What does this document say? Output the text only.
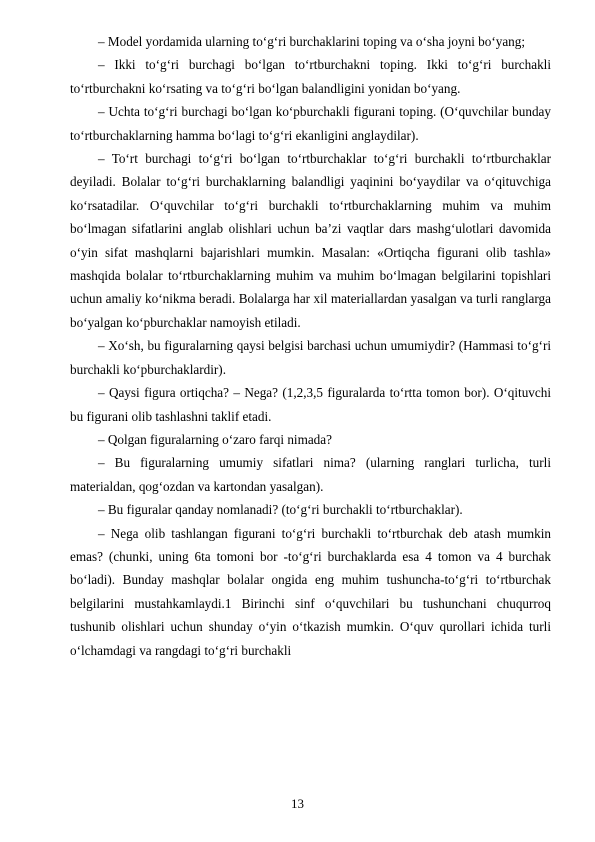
– Model yordamida ularning to‘g‘ri burchaklarini toping va o‘sha joyni bo‘yang;

– Ikki to‘g‘ri burchagi bo‘lgan to‘rtburchakni toping. Ikki to‘g‘ri burchakli to‘rtburchakni ko‘rsating va to‘g‘ri bo‘lgan balandligini yonidan bo‘yang.

– Uchta to‘g‘ri burchagi bo‘lgan ko‘pburchakli figurani toping. (O‘quvchilar bunday to‘rtburchaklarning hamma bo‘lagi to‘g‘ri ekanligini anglaydilar).

– To‘rt burchagi to‘g‘ri bo‘lgan to‘rtburchaklar to‘g‘ri burchakli to‘rtburchaklar deyiladi. Bolalar to‘g‘ri burchaklarning balandligi yaqinini bo‘yaydilar va o‘qituvchiga ko‘rsatadilar. O‘quvchilar to‘g‘ri burchakli to‘rtburchaklarning muhim va muhim bo‘lmagan sifatlarini anglab olishlari uchun ba’zi vaqtlar dars mashg‘ulotlari davomida o‘yin sifat mashqlarni bajarishlari mumkin. Masalan: «Ortiqcha figurani olib tashla» mashqida bolalar to‘rtburchaklarning muhim va muhim bo‘lmagan belgilarini topishlari uchun amaliy ko‘nikma beradi. Bolalarga har xil materiallardan yasalgan va turli ranglarga bo‘yalgan ko‘pburchaklar namoyish etiladi.

– Xo‘sh, bu figuralarning qaysi belgisi barchasi uchun umumiydir? (Hammasi to‘g‘ri burchakli ko‘pburchaklardir).

– Qaysi figura ortiqcha? – Nega? (1,2,3,5 figuralarda to‘rtta tomon bor). O‘qituvchi bu figurani olib tashlashni taklif etadi.

– Qolgan figuralarning o‘zaro farqi nimada?

– Bu figuralarning umumiy sifatlari nima? (ularning ranglari turlicha, turli materialdan, qog‘ozdan va kartondan yasalgan).

– Bu figuralar qanday nomlanadi? (to‘g‘ri burchakli to‘rtburchaklar).

– Nega olib tashlangan figurani to‘g‘ri burchakli to‘rtburchak deb atash mumkin emas? (chunki, uning 6ta tomoni bor -to‘g‘ri burchaklarda esa 4 tomon va 4 burchak bo‘ladi). Bunday mashqlar bolalar ongida eng muhim tushuncha-to‘g‘ri to‘rtburchak belgilarini mustahkamlaydi.1 Birinchi sinf o‘quvchilari bu tushunchani chuqurroq tushunib olishlari uchun shunday o‘yin o‘tkazish mumkin. O‘quv qurollari ichida turli o‘lchamdagi va rangdagi to‘g‘ri burchakli

13
